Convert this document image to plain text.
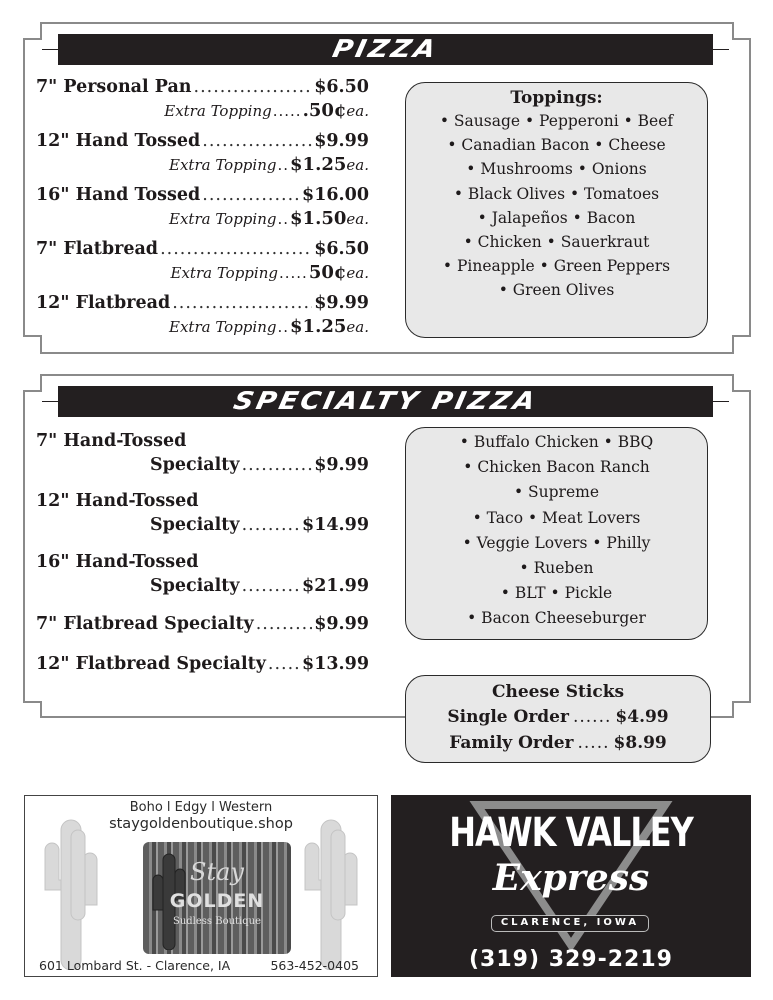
PIZZA
7" Personal Pan .....	$6.50
Extra Topping ..... .50¢ ea.
12" Hand Tossed .....	$9.99
Extra Topping .. $1.25 ea.
16" Hand Tossed .....	$16.00
Extra Topping .. $1.50 ea.
7" Flatbread .....	$6.50
Extra Topping ..... 50¢ ea.
12" Flatbread .....	$9.99
Extra Topping .. $1.25 ea.
Toppings:
• Sausage • Pepperoni • Beef
• Canadian Bacon • Cheese
• Mushrooms • Onions
• Black Olives • Tomatoes
• Jalapeños • Bacon
• Chicken • Sauerkraut
• Pineapple • Green Peppers
• Green Olives
SPECIALTY PIZZA
7" Hand-Tossed
Specialty .....	$9.99
12" Hand-Tossed
Specialty .....	$14.99
16" Hand-Tossed
Specialty .....	$21.99
7" Flatbread Specialty .....	$9.99
12" Flatbread Specialty ..... $13.99
• Buffalo Chicken • BBQ
• Chicken Bacon Ranch
• Supreme
• Taco • Meat Lovers
• Veggie Lovers • Philly
• Rueben
• BLT • Pickle
• Bacon Cheeseburger
Cheese Sticks
Single Order ...... $4.99
Family Order ..... $8.99
Boho l Edgy l Western
staygoldenboutique.shop
Stay
GOLDEN
Sudless Boutique
601 Lombard St. - Clarence, IA	563-452-0405
HAWK VALLEY
Express
CLARENCE, IOWA
(319) 329-2219
